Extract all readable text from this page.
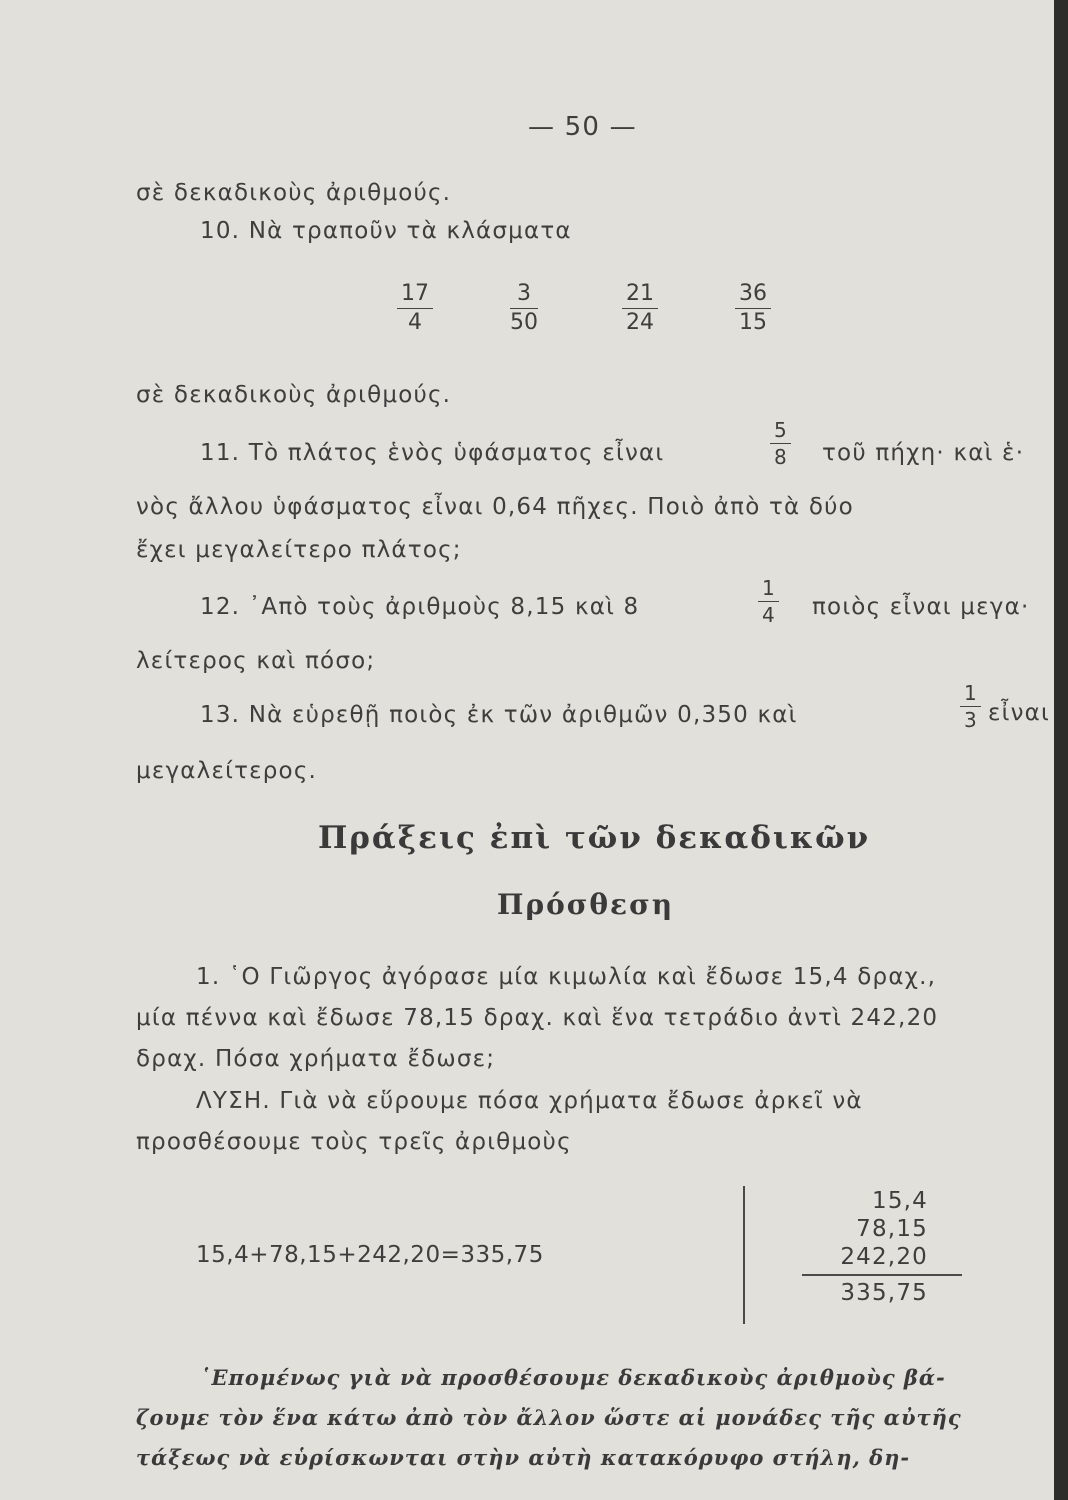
— 50 —
σὲ δεκαδικοὺς ἀριθμούς.
10. Νὰ τραποῦν τὰ κλάσματα
$\frac{17}{4}$	$\frac{3}{50}$	$\frac{21}{24}$	$\frac{36}{15}$
σὲ δεκαδικοὺς ἀριθμούς.
11. Τὸ πλάτος ἑνὸς ὑφάσματος εἶναι	$\frac{5}{8}$ τοῦ πήχη· καὶ ἑ·
νὸς ἄλλου ὑφάσματος εἶναι 0,64 πῆχες. Ποιὸ ἀπὸ τὰ δύο
ἔχει μεγαλείτερο πλάτος;
12. ᾿Απὸ τοὺς ἀριθμοὺς 8,15 καὶ 8	$\frac{1}{4}$ ποιὸς εἶναι μεγα·
λείτερος καὶ πόσο;
13. Νὰ εὑρεθῇ ποιὸς ἐκ τῶν ἀριθμῶν 0,350 καὶ	$\frac{1}{3}$ εἶναι
μεγαλείτερος.
Πράξεις ἐπὶ τῶν δεκαδικῶν
Πρόσθεση
1. ῾Ο Γιῶργος ἀγόρασε μία κιμωλία καὶ ἔδωσε 15,4 δραχ.,
μία πέννα καὶ ἔδωσε 78,15 δραχ. καὶ ἕνα τετράδιο ἀντὶ 242,20
δραχ. Πόσα χρήματα ἔδωσε;
ΛΥΣΗ. Γιὰ νὰ εὕρουμε πόσα χρήματα ἔδωσε ἀρκεῖ νὰ
προσθέσουμε τοὺς τρεῖς ἀριθμοὺς
15,4+78,15+242,20=335,75
15,4
78,15
242,20
335,75
῾Επομένως γιὰ νὰ προσθέσουμε δεκαδικοὺς ἀριθμοὺς βά-
ζουμε τὸν ἕνα κάτω ἀπὸ τὸν ἄλλον ὥστε αἱ μονάδες τῆς αὐτῆς
τάξεως νὰ εὑρίσκωνται στὴν αὐτὴ κατακόρυφο στήλη, δη-
